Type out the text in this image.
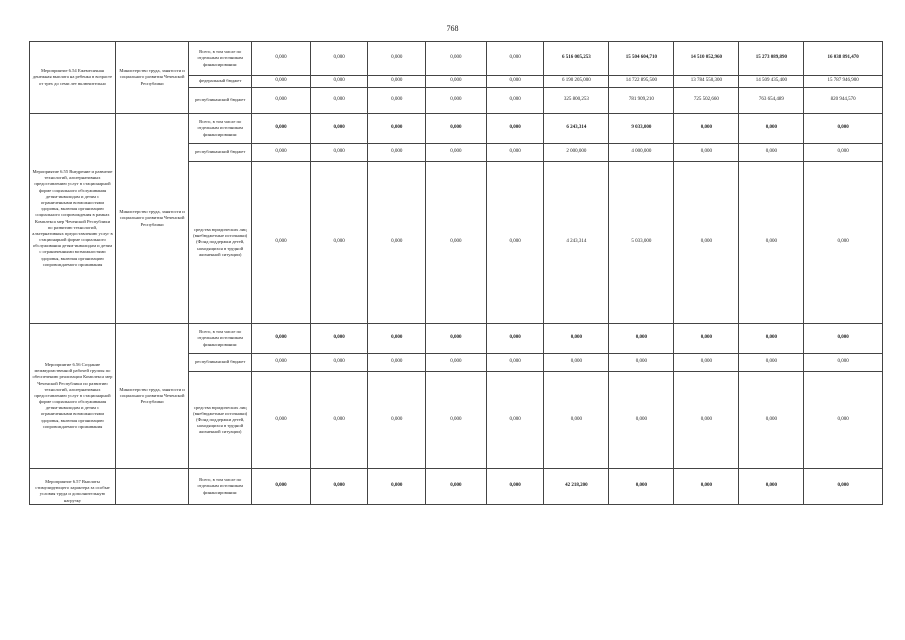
768
Мероприятие 6.54 Ежемесячная денежная выплата на ребенка в возрасте от трех до семи лет включительно	Министерство труда, занятости и социального развития Чеченской Республики	Всего, в том числе по отдельным источникам финансирования:	0,000	0,000	0,000	0,000	0,000	6 516 005,253	15 504 604,710	14 510 052,960	15 273 089,890	16 038 891,470
		федеральный бюджет	0,000	0,000	0,000	0,000	0,000	6 190 205,000	14 722 895,500	13 784 550,300	14 509 435,400	15 787 946,900
		республиканский бюджет	0,000	0,000	0,000	0,000	0,000	325 800,253	781 909,210	725 502,660	763 654,489	820 944,570
Мероприятие 6.55 Внедрение и развитие технологий, альтернативных предоставлению услуг в стационарной форме социального обслуживания детям-инвалидам и детям с ограниченными возможностями здоровья, включая организацию социального сопровождения в рамках Комплекса мер Чеченской Республики по развитию технологий, альтернативных предоставлению услуг в стационарной форме социального обслуживания детям-инвалидам и детям с ограниченными возможностями здоровья, включая организацию сопровождаемого проживания	Министерство труда, занятости и социального развития Чеченской Республики	Всего, в том числе по отдельным источникам финансирования:	0,000	0,000	0,000	0,000	0,000	6 243,314	9 033,000	0,000	0,000	0,000
		республиканский бюджет	0,000	0,000	0,000	0,000	0,000	2 000,000	4 000,000	0,000	0,000	0,000
		средства юридических лиц (внебюджетные источники) (Фонд поддержки детей, находящихся в трудной жизненной ситуации)	0,000	0,000	0,000	0,000	0,000	4 243,314	5 033,000	0,000	0,000	0,000
Мероприятие 6.56 Создание межведомственной рабочей группы по обеспечению реализации Комплекса мер Чеченской Республики по развитию технологий, альтернативных предоставлению услуг в стационарной форме социального обслуживания детям-инвалидам и детям с ограниченными возможностями здоровья, включая организацию сопровождаемого проживания	Министерство труда, занятости и социального развития Чеченской Республики	Всего, в том числе по отдельным источникам финансирования:	0,000	0,000	0,000	0,000	0,000	0,000	0,000	0,000	0,000	0,000
		республиканский бюджет	0,000	0,000	0,000	0,000	0,000	0,000	0,000	0,000	0,000	0,000
		средства юридических лиц (внебюджетные источники) (Фонд поддержки детей, находящихся в трудной жизненной ситуации)	0,000	0,000	0,000	0,000	0,000	0,000	0,000	0,000	0,000	0,000

Мероприятие 6.57 Выплаты стимулирующего характера за особые условия труда и дополнительную нагрузку		Всего, в том числе по отдельным источникам финансирования:	0,000	0,000	0,000	0,000	0,000	42 218,200	0,000	0,000	0,000	0,000
